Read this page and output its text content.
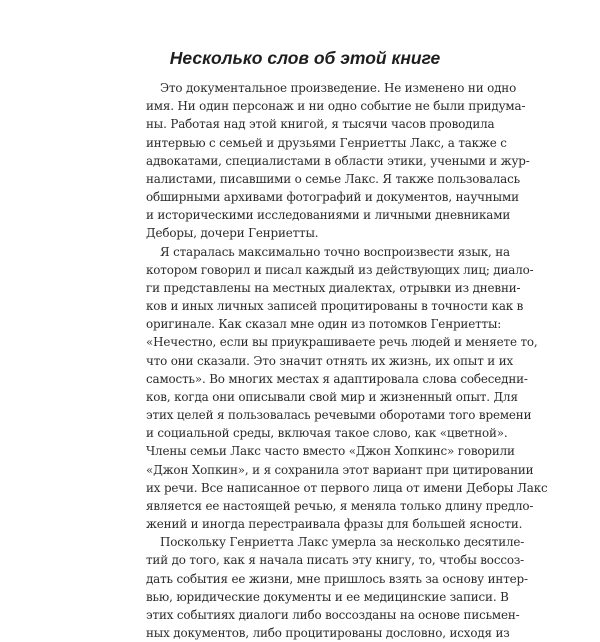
Несколько слов об этой книге
Это документальное произведение. Не изменено ни одно
имя. Ни один персонаж и ни одно событие не были придума-
ны. Работая над этой книгой, я тысячи часов проводила
интервью с семьей и друзьями Генриетты Лакс, а также с
адвокатами, специалистами в области этики, учеными и жур-
налистами, писавшими о семье Лакс. Я также пользовалась
обширными архивами фотографий и документов, научными
и историческими исследованиями и личными дневниками
Деборы, дочери Генриетты.
Я старалась максимально точно воспроизвести язык, на
котором говорил и писал каждый из действующих лиц; диало-
ги представлены на местных диалектах, отрывки из дневни-
ков и иных личных записей процитированы в точности как в
оригинале. Как сказал мне один из потомков Генриетты:
«Нечестно, если вы приукрашиваете речь людей и меняете то,
что они сказали. Это значит отнять их жизнь, их опыт и их
самость». Во многих местах я адаптировала слова собеседни-
ков, когда они описывали свой мир и жизненный опыт. Для
этих целей я пользовалась речевыми оборотами того времени
и социальной среды, включая такое слово, как «цветной».
Члены семьи Лакс часто вместо «Джон Хопкинс» говорили
«Джон Хопкин», и я сохранила этот вариант при цитировании
их речи. Все написанное от первого лица от имени Деборы Лакс
является ее настоящей речью, я меняла только длину предло-
жений и иногда перестраивала фразы для большей ясности.
Поскольку Генриетта Лакс умерла за несколько десятиле-
тий до того, как я начала писать эту книгу, то, чтобы воссоз-
дать события ее жизни, мне пришлось взять за основу интер-
вью, юридические документы и ее медицинские записи. В
этих событиях диалоги либо воссозданы на основе письмен-
ных документов, либо процитированы дословно, исходя из
